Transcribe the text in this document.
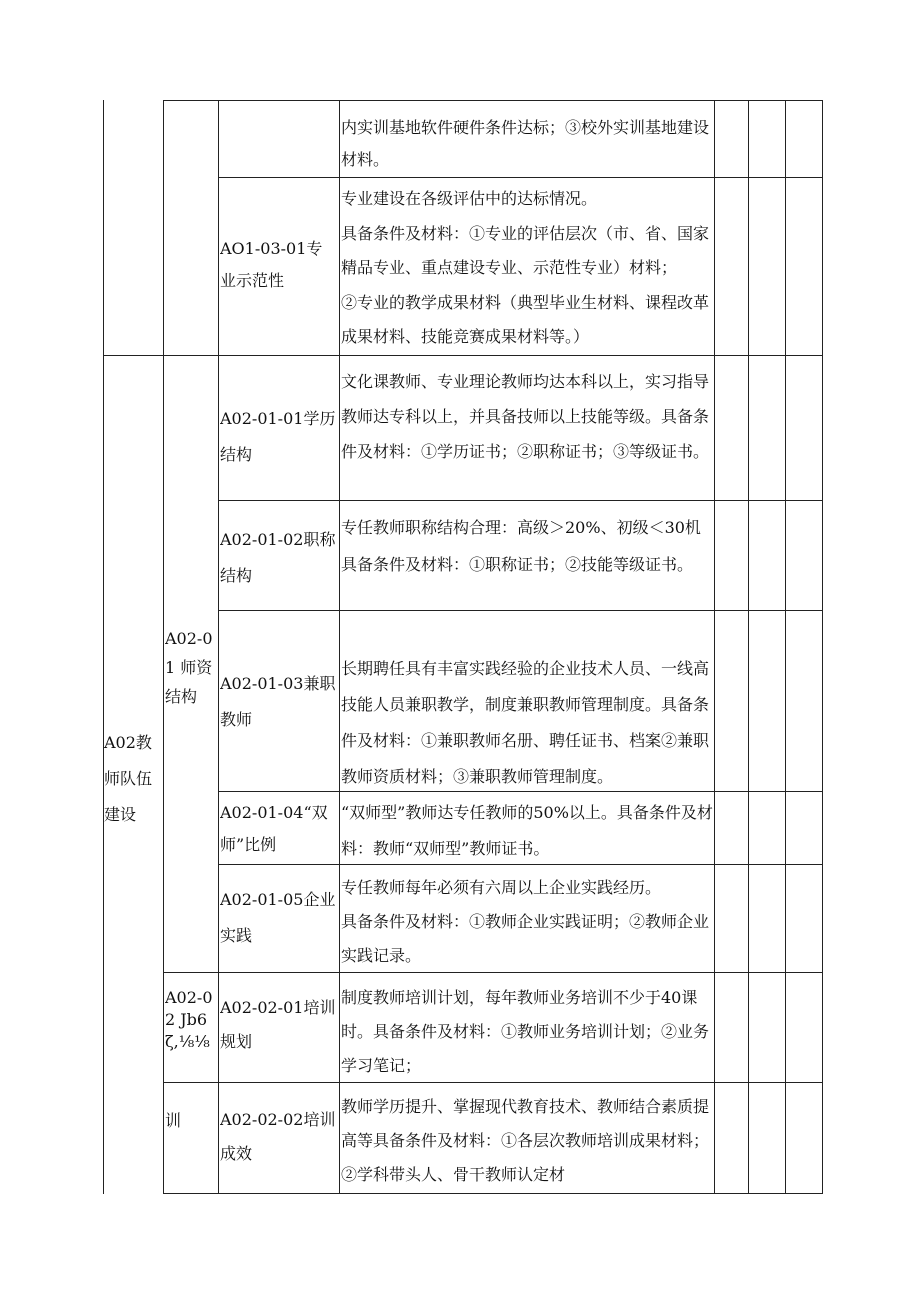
A02教师队伍建设
A02-01 师资结构
A02-02 Jb6ζ,⅛⅛
训
AO1-03-01专业示范性
A02-01-01学历结构
A02-01-02职称结构
A02-01-03兼职教师
A02-01-04“双师”比例
A02-01-05企业实践
A02-02-01培训规划
A02-02-02培训成效
内实训基地软件硬件条件达标；③校外实训基地建设材料。
专业建设在各级评估中的达标情况。
具备条件及材料：①专业的评估层次（市、省、国家精品专业、重点建设专业、示范性专业）材料；
②专业的教学成果材料（典型毕业生材料、课程改革成果材料、技能竞赛成果材料等。）
文化课教师、专业理论教师均达本科以上，实习指导教师达专科以上，并具备技师以上技能等级。具备条件及材料：①学历证书；②职称证书；③等级证书。
专任教师职称结构合理：高级＞20%、初级＜30机具备条件及材料：①职称证书；②技能等级证书。
长期聘任具有丰富实践经验的企业技术人员、一线高技能人员兼职教学，制度兼职教师管理制度。具备条件及材料：①兼职教师名册、聘任证书、档案②兼职教师资质材料；③兼职教师管理制度。
“双师型”教师达专任教师的50%以上。具备条件及材料：教师“双师型”教师证书。
专任教师每年必须有六周以上企业实践经历。
具备条件及材料：①教师企业实践证明；②教师企业实践记录。
制度教师培训计划，每年教师业务培训不少于40课时。具备条件及材料：①教师业务培训计划；②业务学习笔记；
教师学历提升、掌握现代教育技术、教师结合素质提高等具备条件及材料：①各层次教师培训成果材料；②学科带头人、骨干教师认定材
